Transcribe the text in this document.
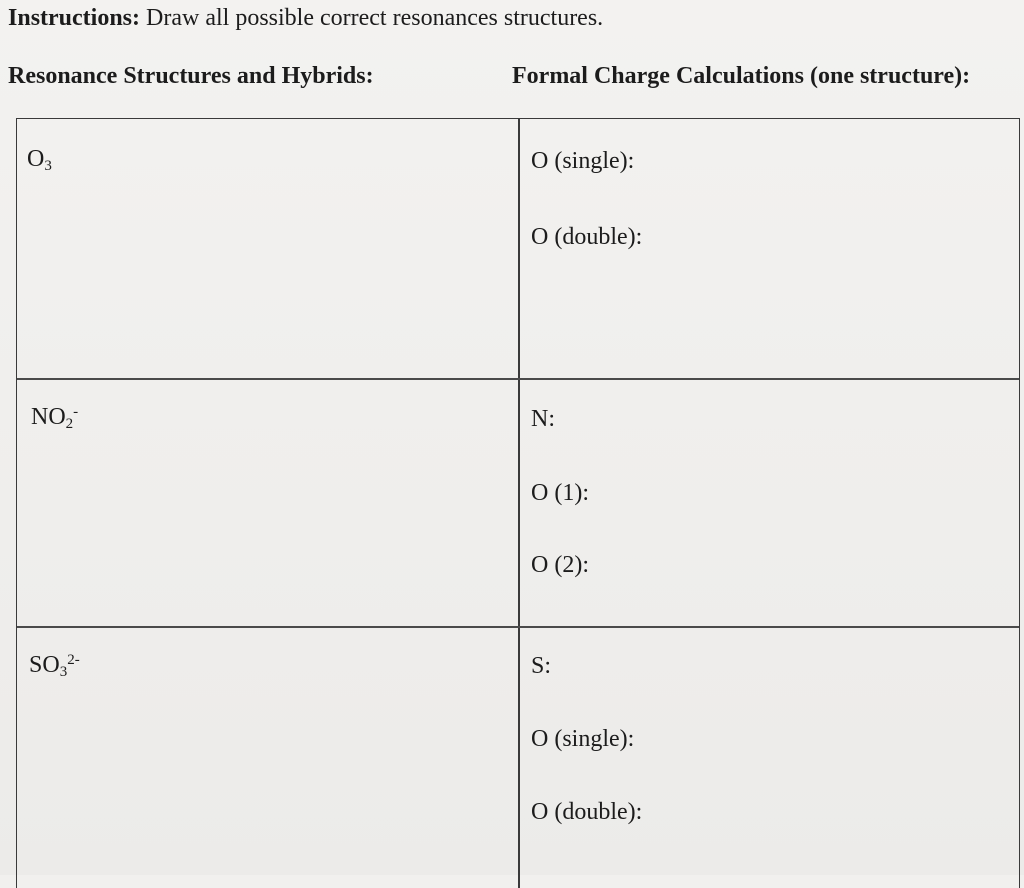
Instructions: Draw all possible correct resonances structures.
Resonance Structures and Hybrids:	Formal Charge Calculations (one structure):
$O_3$	O (single):
O (double):
$NO_2^-$	N:
O (1):
O (2):
$SO_3^{2-}$	S:
O (single):
O (double):
